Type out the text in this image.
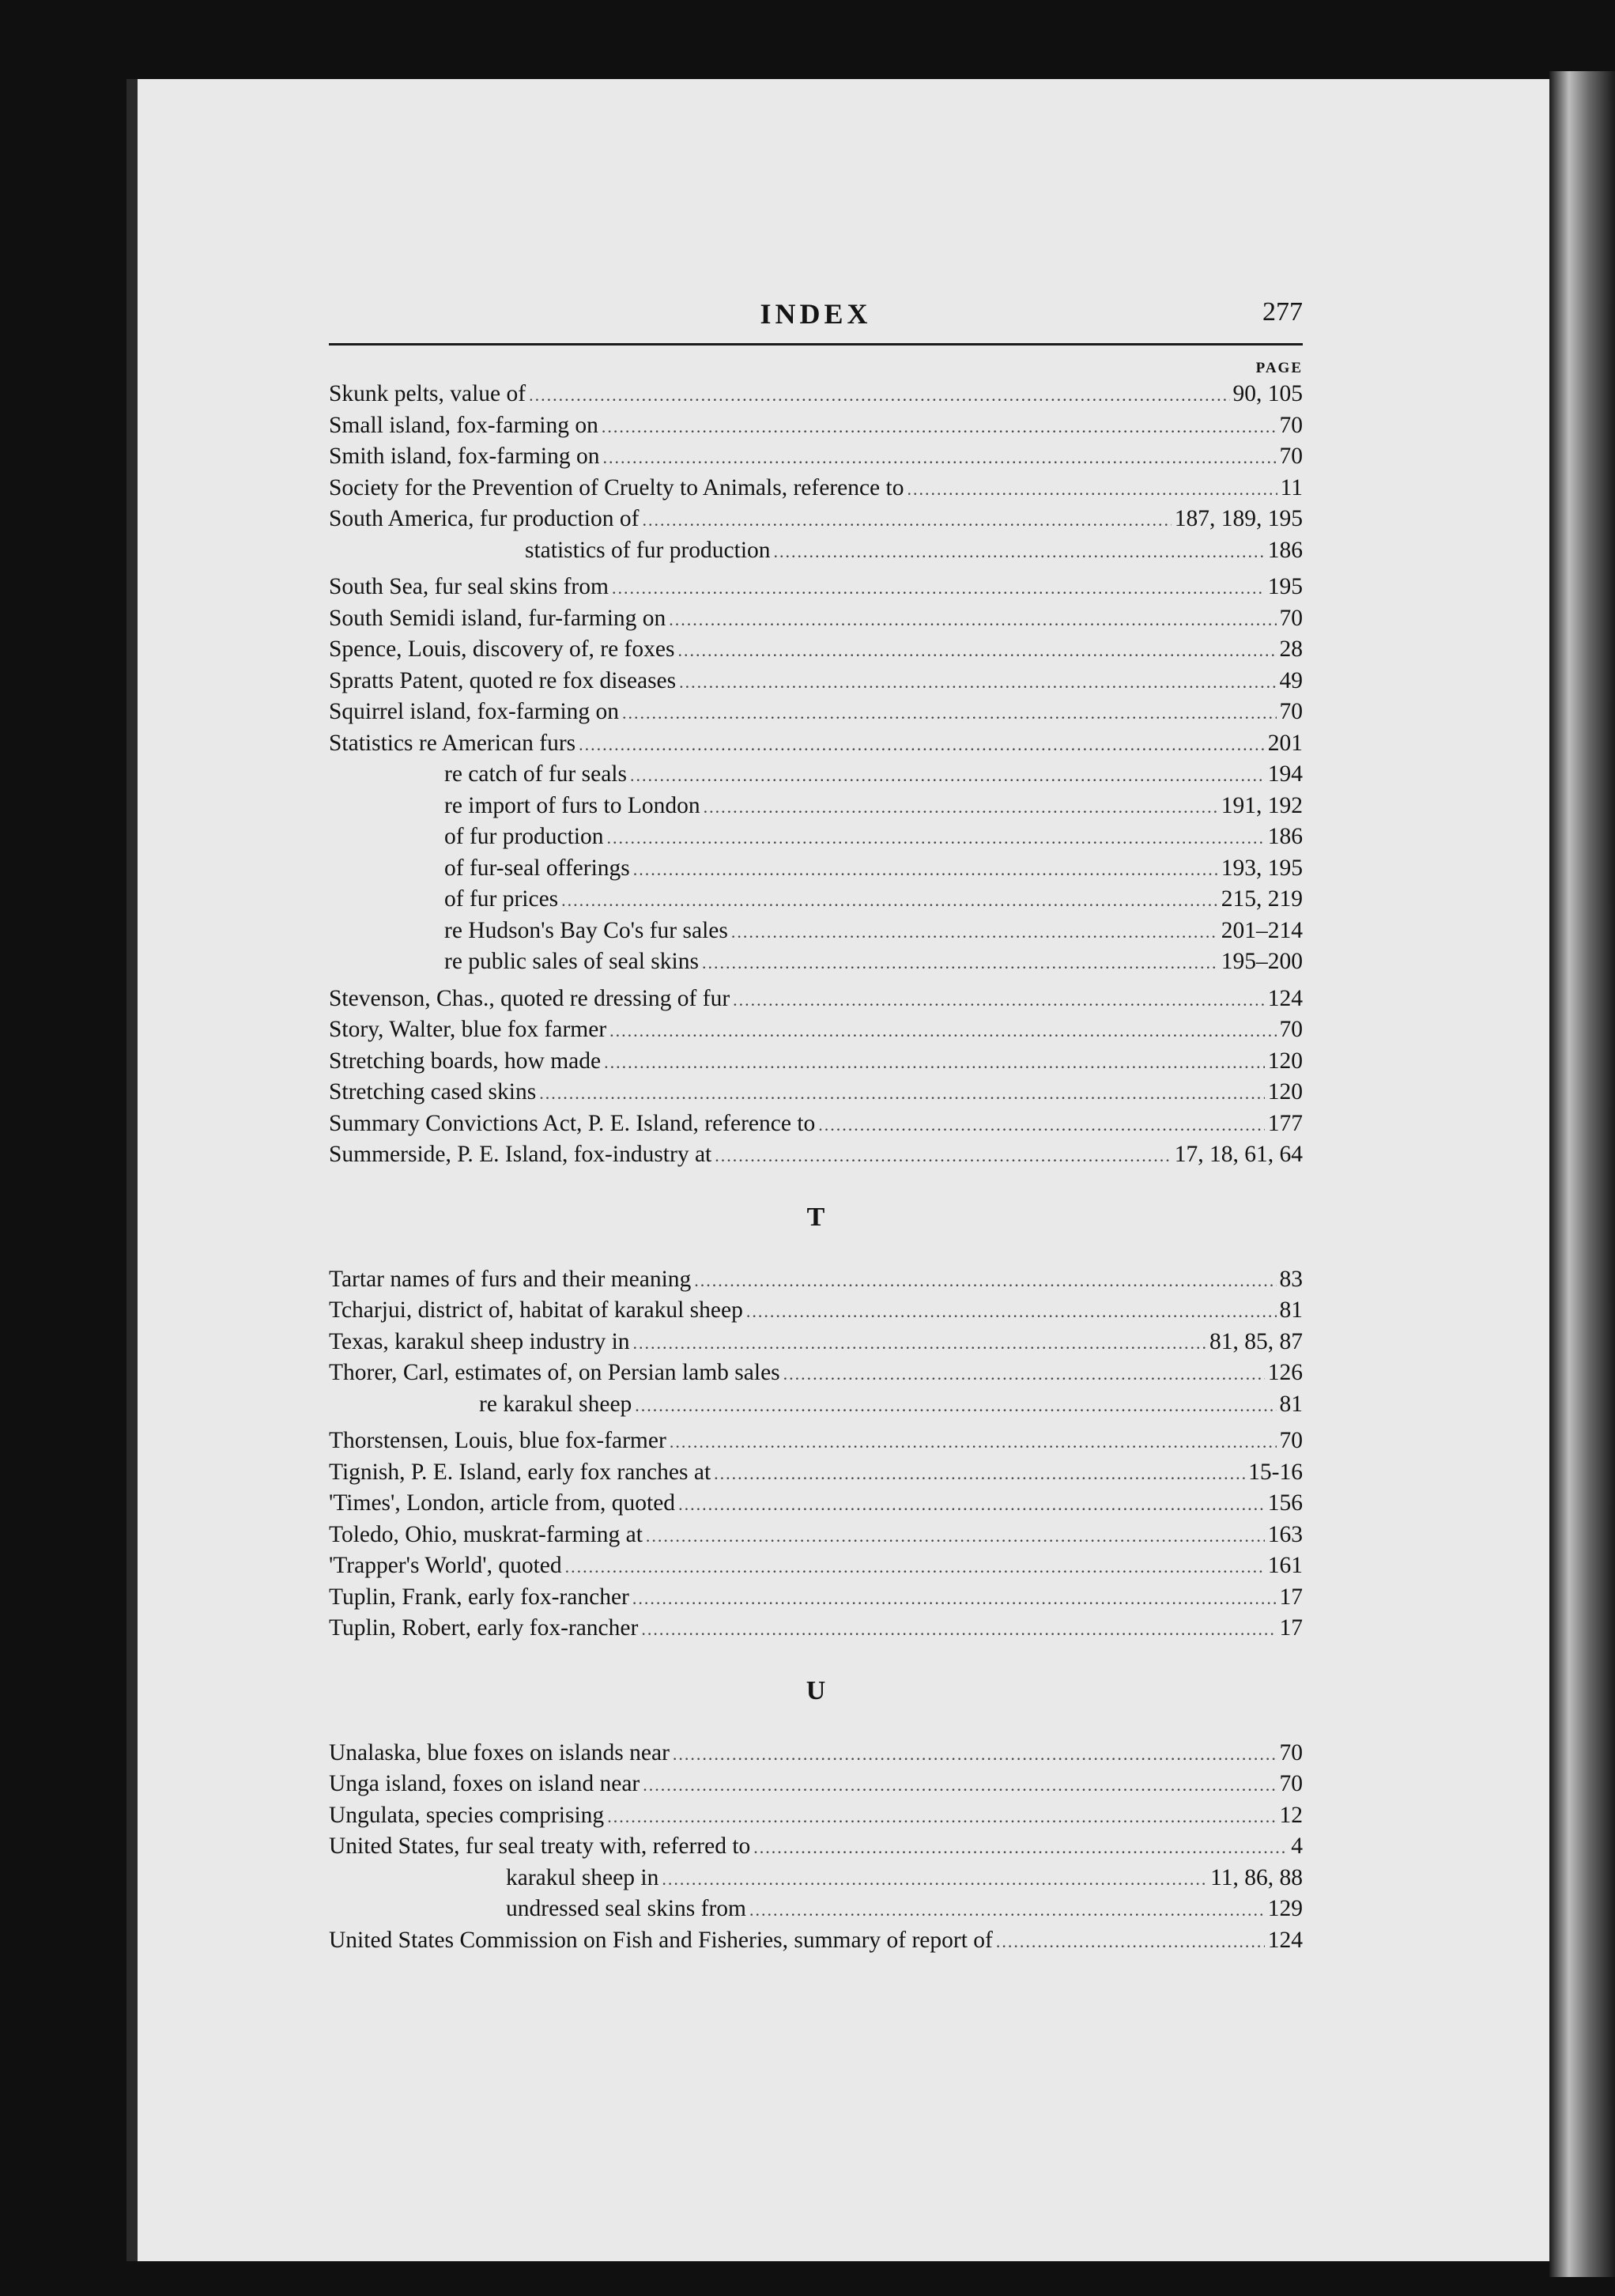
INDEX	277
PAGE
Skunk pelts, value of .....	90, 105
Small island, fox-farming on .....	70
Smith island, fox-farming on .....	70
Society for the Prevention of Cruelty to Animals, reference to .....	11
South America, fur production of .....	187, 189, 195
statistics of fur production .....	186
South Sea, fur seal skins from .....	195
South Semidi island, fur-farming on .....	70
Spence, Louis, discovery of, re foxes .....	28
Spratts Patent, quoted re fox diseases .....	49
Squirrel island, fox-farming on .....	70
Statistics re American furs .....	201
re catch of fur seals .....	194
re import of furs to London .....	191, 192
of fur production .....	186
of fur-seal offerings .....	193, 195
of fur prices .....	215, 219
re Hudson's Bay Co's fur sales .....	201–214
re public sales of seal skins .....	195–200
Stevenson, Chas., quoted re dressing of fur .....	124
Story, Walter, blue fox farmer .....	70
Stretching boards, how made .....	120
Stretching cased skins .....	120
Summary Convictions Act, P. E. Island, reference to .....	177
Summerside, P. E. Island, fox-industry at .....	17, 18, 61, 64
T
Tartar names of furs and their meaning .....	83
Tcharjui, district of, habitat of karakul sheep .....	81
Texas, karakul sheep industry in .....	81, 85, 87
Thorer, Carl, estimates of, on Persian lamb sales .....	126
re karakul sheep .....	81
Thorstensen, Louis, blue fox-farmer .....	70
Tignish, P. E. Island, early fox ranches at .....	15-16
'Times', London, article from, quoted .....	156
Toledo, Ohio, muskrat-farming at .....	163
'Trapper's World', quoted .....	161
Tuplin, Frank, early fox-rancher .....	17
Tuplin, Robert, early fox-rancher .....	17
U
Unalaska, blue foxes on islands near .....	70
Unga island, foxes on island near .....	70
Ungulata, species comprising .....	12
United States, fur seal treaty with, referred to .....	4
karakul sheep in .....	11, 86, 88
undressed seal skins from .....	129
United States Commission on Fish and Fisheries, summary of report of .....	124
